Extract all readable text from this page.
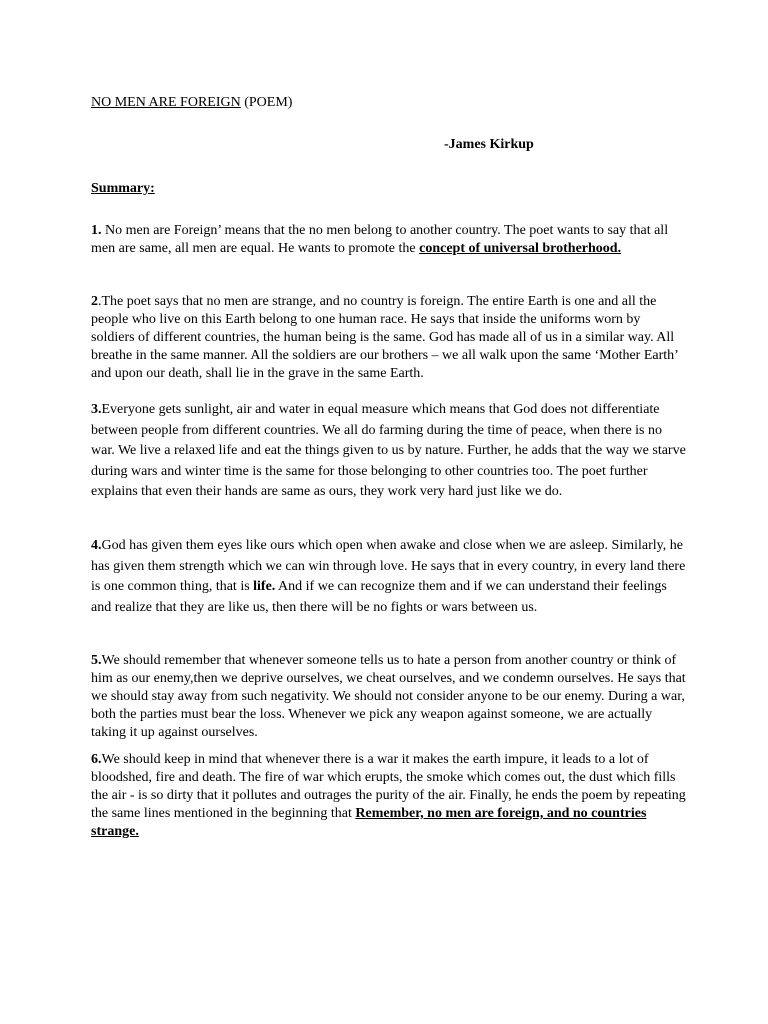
NO MEN ARE FOREIGN (POEM)
-James Kirkup
Summary:

1. No men are Foreign’ means that the no men belong to another country. The poet wants to say that all men are same, all men are equal. He wants to promote the concept of universal brotherhood.

2.The poet says that no men are strange, and no country is foreign. The entire Earth is one and all the people who live on this Earth belong to one human race. He says that inside the uniforms worn by soldiers of different countries, the human being is the same. God has made all of us in a similar way. All breathe in the same manner. All the soldiers are our brothers – we all walk upon the same ‘Mother Earth’ and upon our death, shall lie in the grave in the same Earth.

3.Everyone gets sunlight, air and water in equal measure which means that God does not differentiate between people from different countries. We all do farming during the time of peace, when there is no war. We live a relaxed life and eat the things given to us by nature. Further, he adds that the way we starve during wars and winter time is the same for those belonging to other countries too. The poet further explains that even their hands are same as ours, they work very hard just like we do.

4.God has given them eyes like ours which open when awake and close when we are asleep. Similarly, he has given them strength which we can win through love. He says that in every country, in every land there is one common thing, that is life. And if we can recognize them and if we can understand their feelings and realize that they are like us, then there will be no fights or wars between us.

5.We should remember that whenever someone tells us to hate a person from another country or think of him as our enemy,then we deprive ourselves, we cheat ourselves, and we condemn ourselves. He says that we should stay away from such negativity. We should not consider anyone to be our enemy. During a war, both the parties must bear the loss. Whenever we pick any weapon against someone, we are actually taking it up against ourselves.

6.We should keep in mind that whenever there is a war it makes the earth impure, it leads to a lot of bloodshed, fire and death. The fire of war which erupts, the smoke which comes out, the dust which fills the air - is so dirty that it pollutes and outrages the purity of the air. Finally, he ends the poem by repeating the same lines mentioned in the beginning that Remember, no men are foreign, and no countries strange.
